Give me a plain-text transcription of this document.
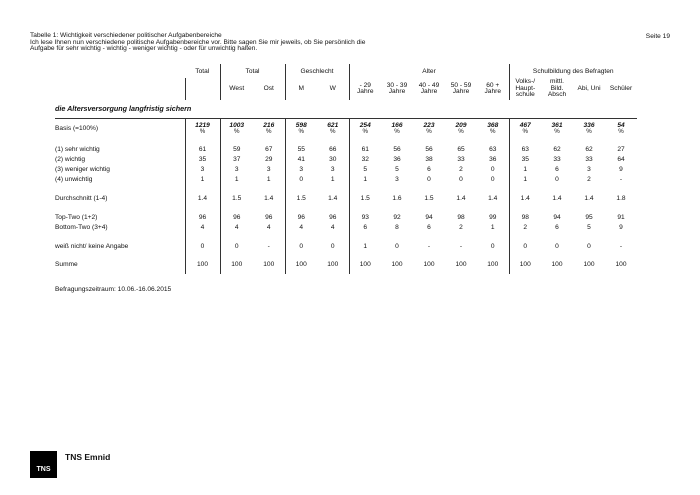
Tabelle 1: Wichtigkeit verschiedener politischer Aufgabenbereiche
Ich lese Ihnen nun verschiedene politische Aufgabenbereiche vor. Bitte sagen Sie mir jeweils, ob Sie persönlich die
Aufgabe für sehr wichtig - wichtig - weniger wichtig - oder für unwichtig halten.
Seite 19
	Total	Total		Geschlecht		Alter					Schulbildung des Befragten			

		West	Ost	M	W	- 29
Jahre	30 - 39
Jahre	40 - 49
Jahre	50 - 59
Jahre	60 +
Jahre	Volks-/
Haupt-
schule	mittl.
Bild.
Absch	Abi, Uni	Schüler

die Altersversorgung langfristig sichern														
Basis (=100%)	1219
%	1003
%	216
%	598
%	621
%	254
%	166
%	223
%	209
%	368
%	467
%	361
%	336
%	54
%

(1) sehr wichtig	61	59	67	55	66	61	56	56	65	63	63	62	62	27
(2) wichtig	35	37	29	41	30	32	36	38	33	36	35	33	33	64
(3) weniger wichtig	3	3	3	3	3	5	5	6	2	0	1	6	3	9
(4) unwichtig	1	1	1	0	1	1	3	0	0	0	1	0	2	-

Durchschnitt (1-4)	1.4	1.5	1.4	1.5	1.4	1.5	1.6	1.5	1.4	1.4	1.4	1.4	1.4	1.8

Top-Two (1+2)	96	96	96	96	96	93	92	94	98	99	98	94	95	91
Bottom-Two (3+4)	4	4	4	4	4	6	8	6	2	1	2	6	5	9

weiß nicht/ keine Angabe	0	0	-	0	0	1	0	-	-	0	0	0	0	-

Summe	100	100	100	100	100	100	100	100	100	100	100	100	100	100

Befragungszeitraum: 10.06.-16.06.2015
TNS
TNS Emnid
